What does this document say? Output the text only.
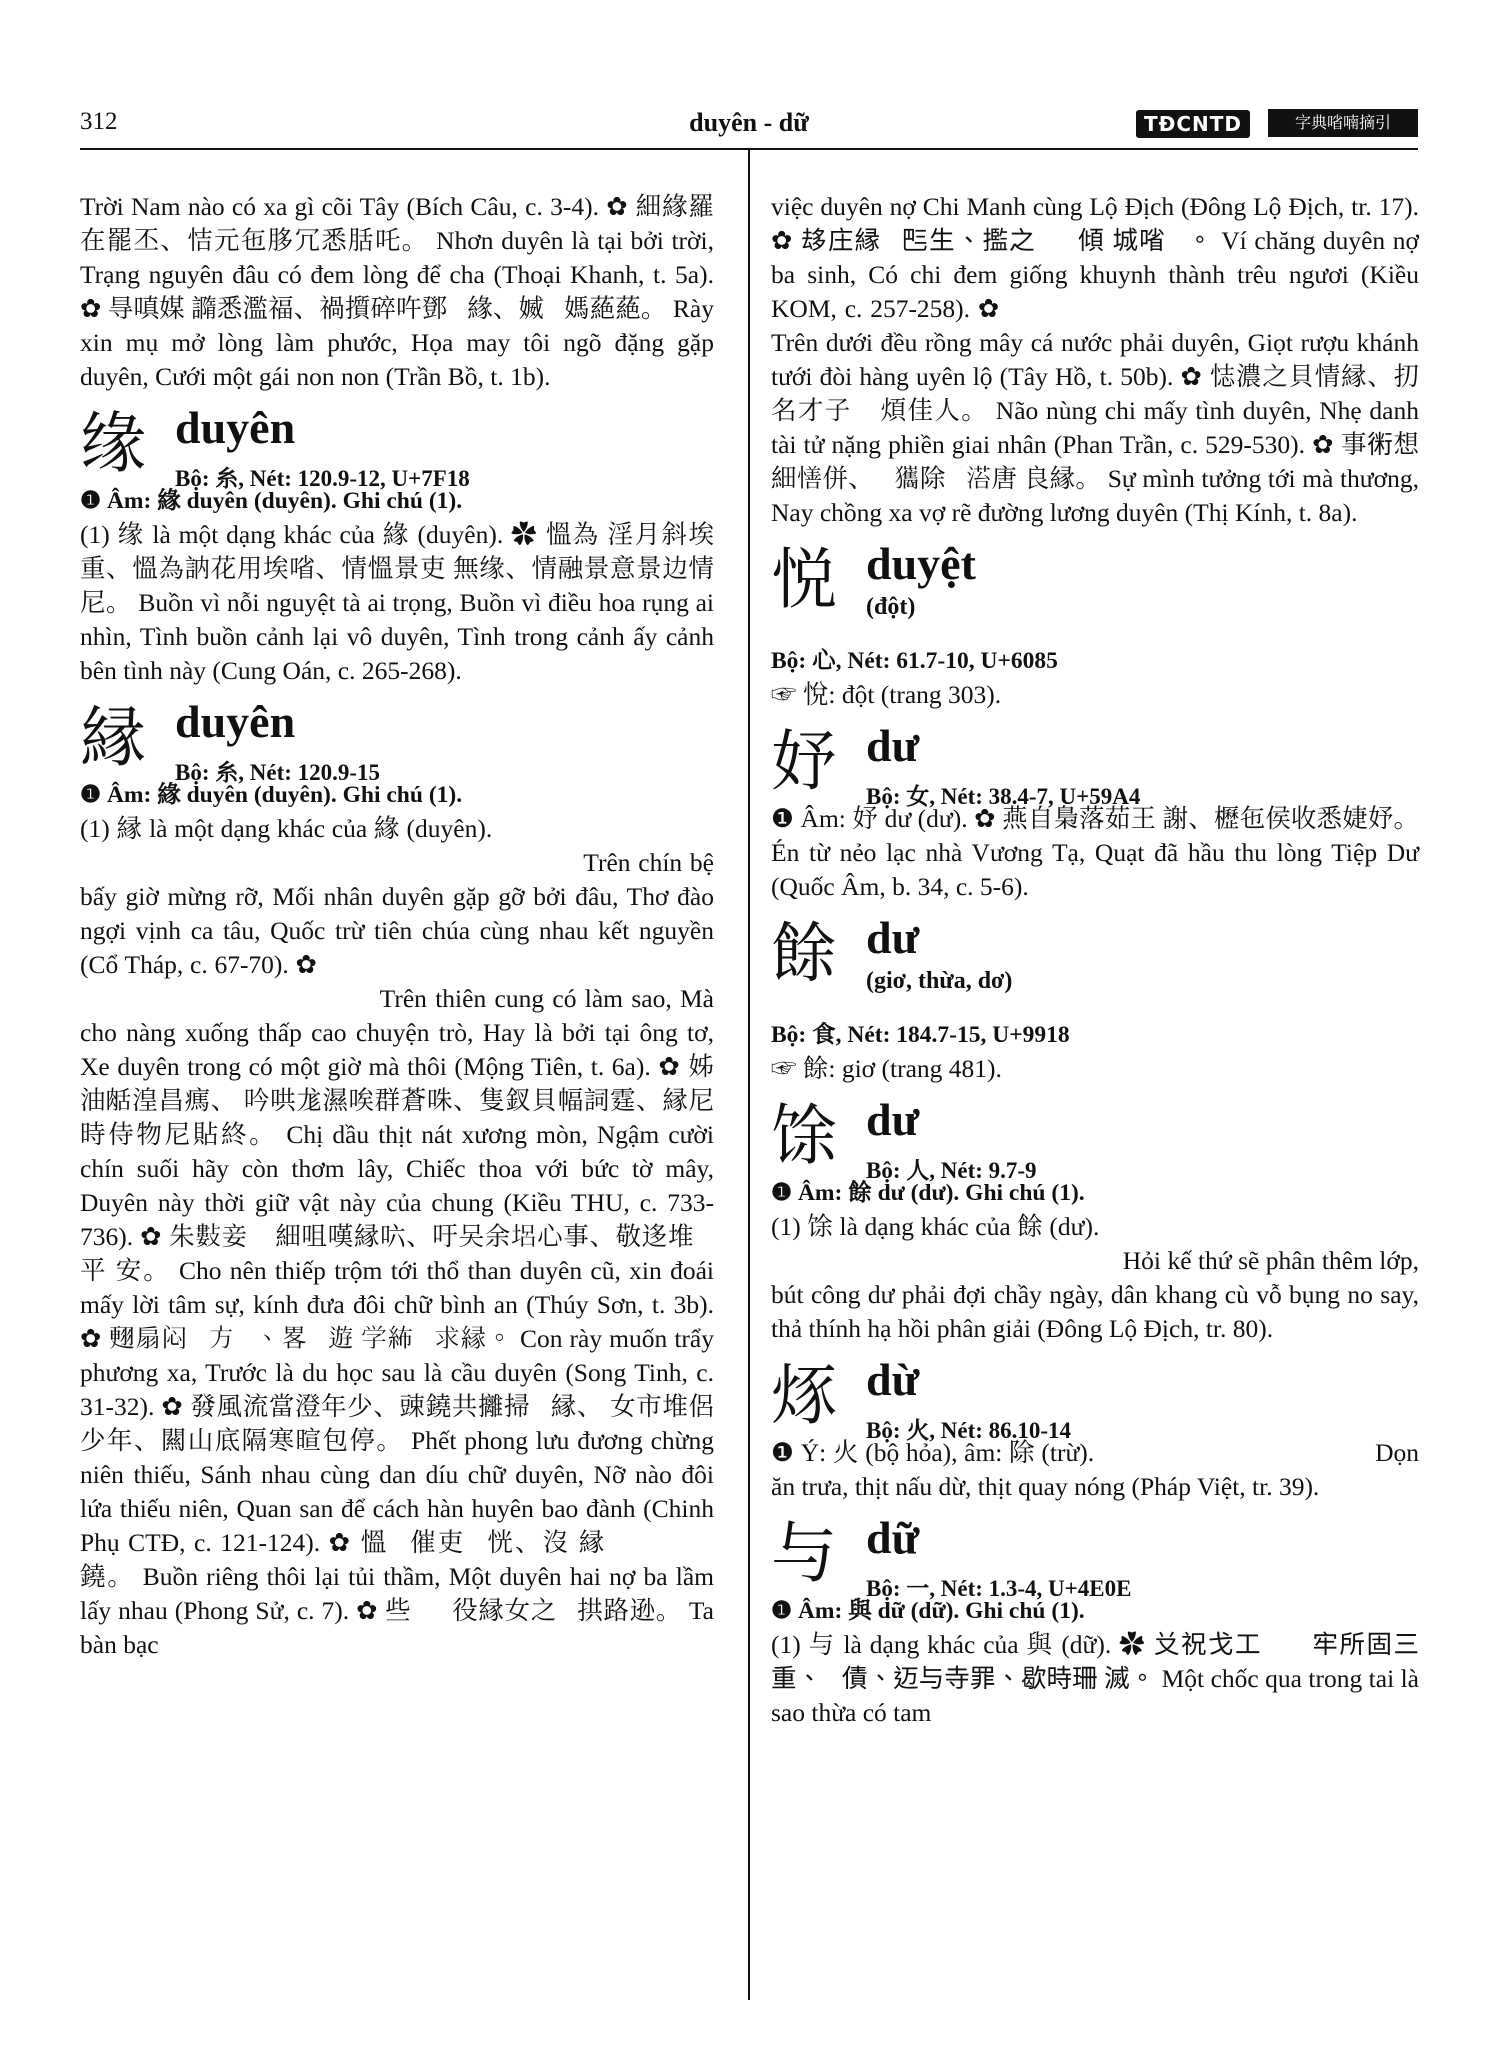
312	duyên - dữ	TĐCNTD	字典㗂喃摘引

Trời Nam nào có xa gì cõi Tây (Bích Câu, c. 3-4). ✿ 細緣羅在罷丕、恄元㐌䏧冗悉䏦吒。 Nhơn duyên là tại bởi trời, Trạng nguyên đâu có đem lòng để cha (Thoại Khanh, t. 5a). ✿ 㝵嗔媒 䜏悉濫福、禍㩫碎吘鄧𨀈緣、媙𡤔媽蕝蕝。 Rày xin mụ mở lòng làm phước, Họa may tôi ngõ đặng gặp duyên, Cưới một gái non non (Trần Bồ, t. 1b).

缘 duyên
Bộ: 糸, Nét: 120.9-12, U+7F18

❶ Âm: 緣 duyên (duyên). Ghi chú (1).

(1) 缘 là một dạng khác của 緣 (duyên). ✿ 慍為 淫月斜埃重、慍為訥花用埃㗂、情慍景吏 無缘、情融景意景边情尼。 Buồn vì nỗi nguyệt tà ai trọng, Buồn vì điều hoa rụng ai nhìn, Tình buồn cảnh lại vô duyên, Tình trong cảnh ấy cảnh bên tình này (Cung Oán, c. 265-268).

縁 duyên
Bộ: 糸, Nét: 120.9-15

❶ Âm: 緣 duyên (duyên). Ghi chú (1).

(1) 縁 là một dạng khác của 緣 (duyên). ✿ 𨖅尨 陛閉除恩吕、㛪姻縁及擇黜兊、詩桃㖀咏 歌奏、國儲仙主共鐃结願。 Trên chín bệ bấy giờ mừng rỡ, Mối nhân duyên gặp gỡ bởi đâu, Thơ đào ngợi vịnh ca tâu, Quốc trừ tiên chúa cùng nhau kết nguyền (Cổ Tháp, c. 67-70). ✿ 𨖅天宫 固𡗋牢。麻朱娘毫陼高傳啊、能罒黜在翁 絲、車縁中固𠀧𣉹麻催。 Trên thiên cung có làm sao, Mà cho nàng xuống thấp cao chuyện trò, Hay là bởi tại ông tơ, Xe duyên trong có một giờ mà thôi (Mộng Tiên, t. 6a). ✿ 姊油𦧘湟昌㾺、 吟哄尨濕唉群蒼咮、隻釵貝幅詞霆、縁尼 時侍物尼貼終。 Chị dầu thịt nát xương mòn, Ngậm cười chín suối hãy còn thơm lây, Chiếc thoa với bức tờ mây, Duyên này thời giữ vật này của chung (Kiều THU, c. 733-736). ✿ 朱𢿘妾𣻆 細咀嘆縁𠯿、吁㕦余𡋿心事、敬迻堆𥪝平 安。 Cho nên thiếp trộm tới thổ than duyên cũ, xin đoái mấy lời tâm sự, kính đưa đôi chữ bình an (Thúy Sơn, t. 3b). ✿ 𦑃扇闷𠹾方𨖲、畧𦋦遊 学𥿠𦋦求縁。 Con rày muốn trẩy phương xa, Trước là du học sau là cầu duyên (Song Tinh, c. 31-32). ✿ 發風流當澄年少、䜹鐃共攡掃𥪝縁、 女市堆侶少年、闗山底隔寒暄包停。 Phết phong lưu đương chừng niên thiếu, Sánh nhau cùng dan díu chữ duyên, Nỡ nào đôi lứa thiếu niên, Quan san để cách hàn huyên bao đành (Chinh Phụ CTĐ, c. 121-124). ✿ 慍𥙩催吏𢣂恍、沒 縁𠄩𡢐𠀧𣑳𢭂鐃。 Buồn riêng thôi lại tủi thầm, Một duyên hai nợ ba lầm lấy nhau (Phong Sử, c. 7). ✿ 些𢴑𥒥役縁女之𦝄拱路逊。 Ta bàn bạc

việc duyên nợ Chi Manh cùng Lộ Địch (Đông Lộ Địch, tr. 17). ✿ 𠫾庄縁𡢐𠀧生、㩜之𢬣𢲨傾 城㗂𩂏。 Ví chăng duyên nợ ba sinh, Có chi đem giống khuynh thành trêu ngươi (Kiều KOM, c. 257-258). ✿ 𨖅𣎃調𥋏𨔍𨅸渃沛縁、湥醖慶洒隊 行鴛鷺。 Trên dưới đều rồng mây cá nước phải duyên, Giọt rượu khánh tưới đòi hàng uyên lộ (Tây Hồ, t. 50b). ✿ 𢙺濃之貝情縁、㧅名才子 𥖑煩佳人。 Não nùng chi mấy tình duyên, Nhẹ danh tài tử nặng phiền giai nhân (Phan Trần, c. 529-530). ✿ 事𧗱想細𢢆併、𤷱𤣑除𡞕𣹓唐 良縁。 Sự mình tưởng tới mà thương, Nay chồng xa vợ rẽ đường lương duyên (Thị Kính, t. 8a).

悦 duyệt
(đột)

Bộ: 心, Nét: 61.7-10, U+6085

☞ 悅: đột (trang 303).

妤 dư
Bộ: 女, Nét: 38.4-7, U+59A4

❶ Âm: 妤 dư (dư). ✿ 燕自梟落茹王 謝、櫪㐌侯收悉婕妤。 Én từ nẻo lạc nhà Vương Tạ, Quạt đã hầu thu lòng Tiệp Dư (Quốc Âm, b. 34, c. 5-6).

餘 dư
(giơ, thừa, dơ)

Bộ: 食, Nét: 184.7-15, U+9918

☞ 餘: giơ (trang 481).

馀 dư
Bộ: 人, Nét: 9.7-9

❶ Âm: 餘 dư (dư). Ghi chú (1).

(1) 馀 là dạng khác của 餘 (dư). ✿ 𡃍継次𠊛分 添垃、筆公馀沛待𠃅𢮿、民康衢撫膝飯醛、 且咱下𡃍分解。 Hỏi kế thứ sẽ phân thêm lớp, bút công dư phải đợi chầy ngày, dân khang cù vỗ bụng no say, thả thính hạ hồi phân giải (Đông Lộ Địch, tr. 80).

烼 dừ
Bộ: 火, Nét: 86.10-14

❶ Ý: 火 (bộ hỏa), âm: 除 (trừ). ✿ 𢵯咹𣇞、𦧘焒烼、𦧘焠濃。 Dọn ăn trưa, thịt nấu dừ, thịt quay nóng (Pháp Việt, tr. 39).

与 dữ
Bộ: 一, Nét: 1.3-4, U+4E0E

❶ Âm: 與 dữ (dữ). Ghi chú (1).

(1) 与 là dạng khác của 與 (dữ). ✿ 𠬠祝戈工𦖑 𠀲牢所固三重、𤷱債、迈与寺罪、歇時珊 滅。 Một chốc qua trong tai là sao thừa có tam
